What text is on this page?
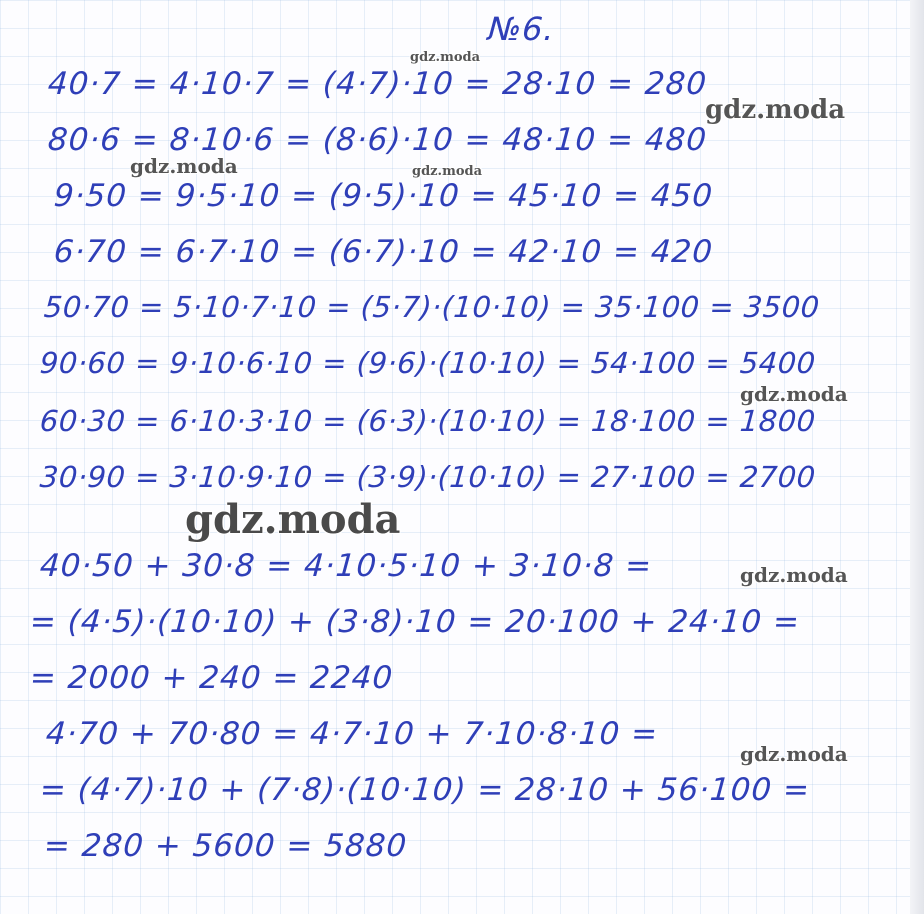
№6.
40·7 = 4·10·7 = (4·7)·10 = 28·10 = 280
80·6 = 8·10·6 = (8·6)·10 = 48·10 = 480
9·50 = 9·5·10 = (9·5)·10 = 45·10 = 450
6·70 = 6·7·10 = (6·7)·10 = 42·10 = 420
50·70 = 5·10·7·10 = (5·7)·(10·10) = 35·100 = 3500
90·60 = 9·10·6·10 = (9·6)·(10·10) = 54·100 = 5400
60·30 = 6·10·3·10 = (6·3)·(10·10) = 18·100 = 1800
30·90 = 3·10·9·10 = (3·9)·(10·10) = 27·100 = 2700
40·50 + 30·8 = 4·10·5·10 + 3·10·8 =
= (4·5)·(10·10) + (3·8)·10 = 20·100 + 24·10 =
= 2000 + 240 = 2240
4·70 + 70·80 = 4·7·10 + 7·10·8·10 =
= (4·7)·10 + (7·8)·(10·10) = 28·10 + 56·100 =
= 280 + 5600 = 5880
gdz.moda
gdz.moda
gdz.moda	gdz.moda
gdz.moda
gdz.moda
gdz.moda
gdz.moda
